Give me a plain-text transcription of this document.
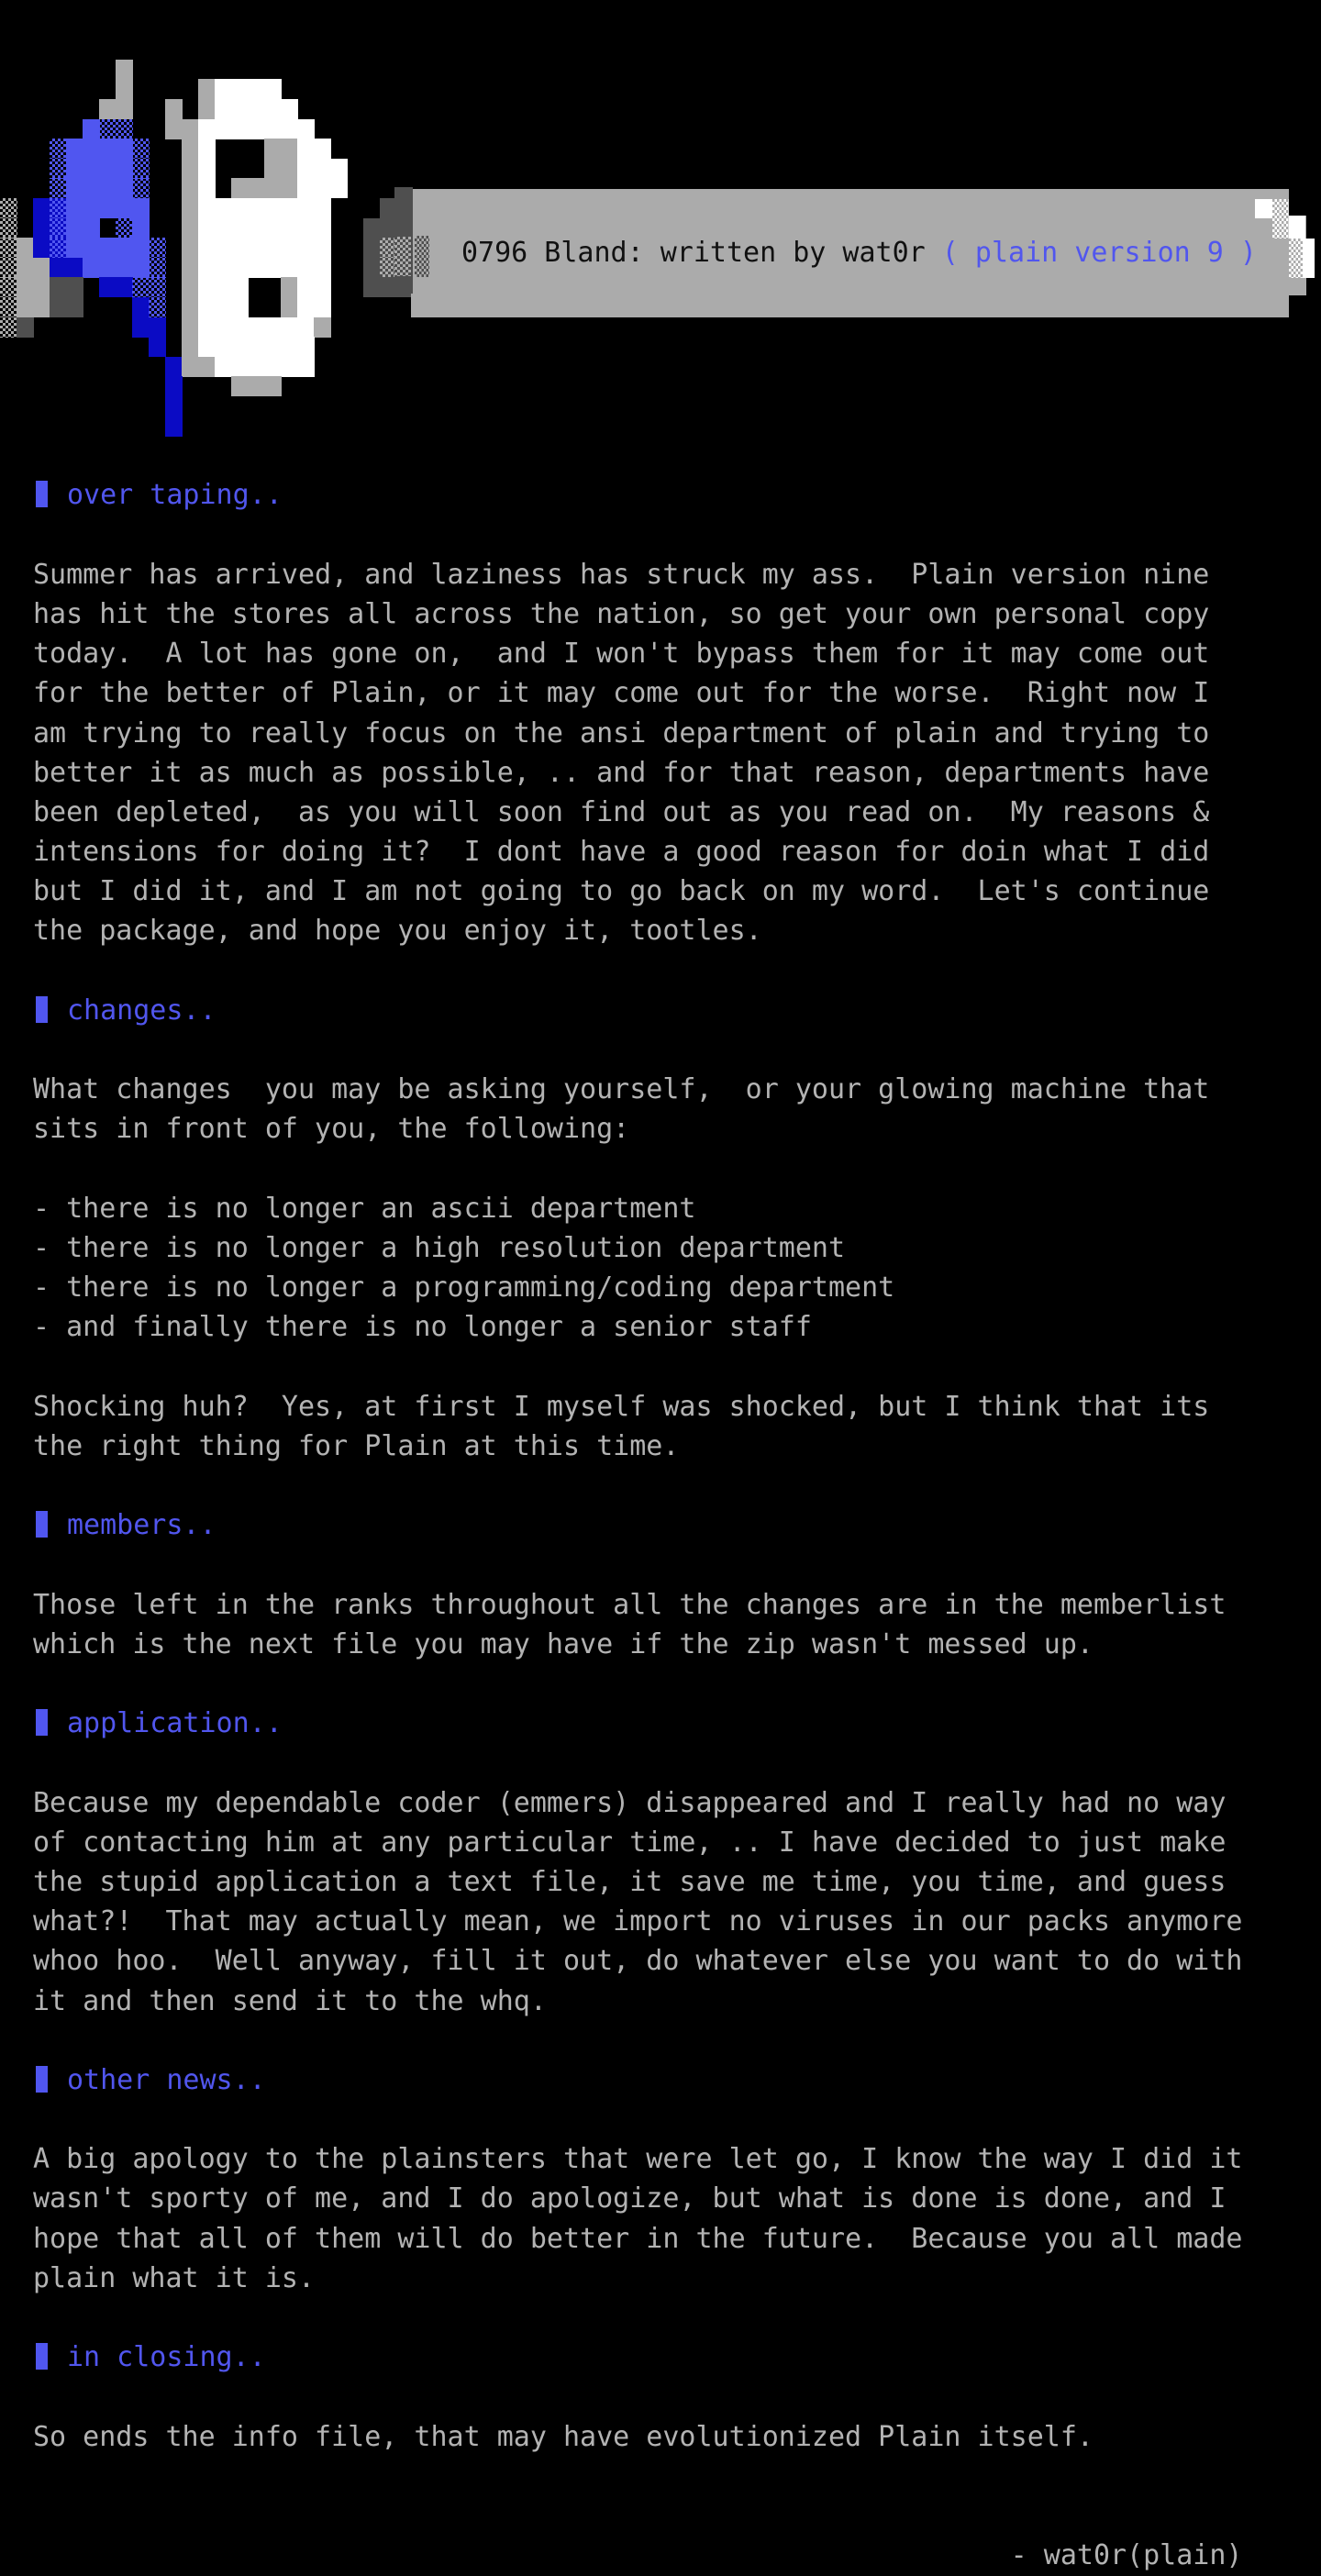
0796 Bland: written by wat0r ( plain version 9 )
over taping..
Summer has arrived, and laziness has struck my ass.  Plain version nine
has hit the stores all across the nation, so get your own personal copy
today.  A lot has gone on,  and I won't bypass them for it may come out
for the better of Plain, or it may come out for the worse.  Right now I
am trying to really focus on the ansi department of plain and trying to
better it as much as possible, .. and for that reason, departments have
been depleted,  as you will soon find out as you read on.  My reasons &
intensions for doing it?  I dont have a good reason for doin what I did
but I did it, and I am not going to go back on my word.  Let's continue
the package, and hope you enjoy it, tootles.
changes..
What changes  you may be asking yourself,  or your glowing machine that
sits in front of you, the following:
- there is no longer an ascii department
- there is no longer a high resolution department
- there is no longer a programming/coding department
- and finally there is no longer a senior staff
Shocking huh?  Yes, at first I myself was shocked, but I think that its
the right thing for Plain at this time.
members..
Those left in the ranks throughout all the changes are in the memberlist
which is the next file you may have if the zip wasn't messed up.
application..
Because my dependable coder (emmers) disappeared and I really had no way
of contacting him at any particular time, .. I have decided to just make
the stupid application a text file, it save me time, you time, and guess
what?!  That may actually mean, we import no viruses in our packs anymore
whoo hoo.  Well anyway, fill it out, do whatever else you want to do with
it and then send it to the whq.
other news..
A big apology to the plainsters that were let go, I know the way I did it
wasn't sporty of me, and I do apologize, but what is done is done, and I
hope that all of them will do better in the future.  Because you all made
plain what it is.
in closing..
So ends the info file, that may have evolutionized Plain itself.
- wat0r(plain)
